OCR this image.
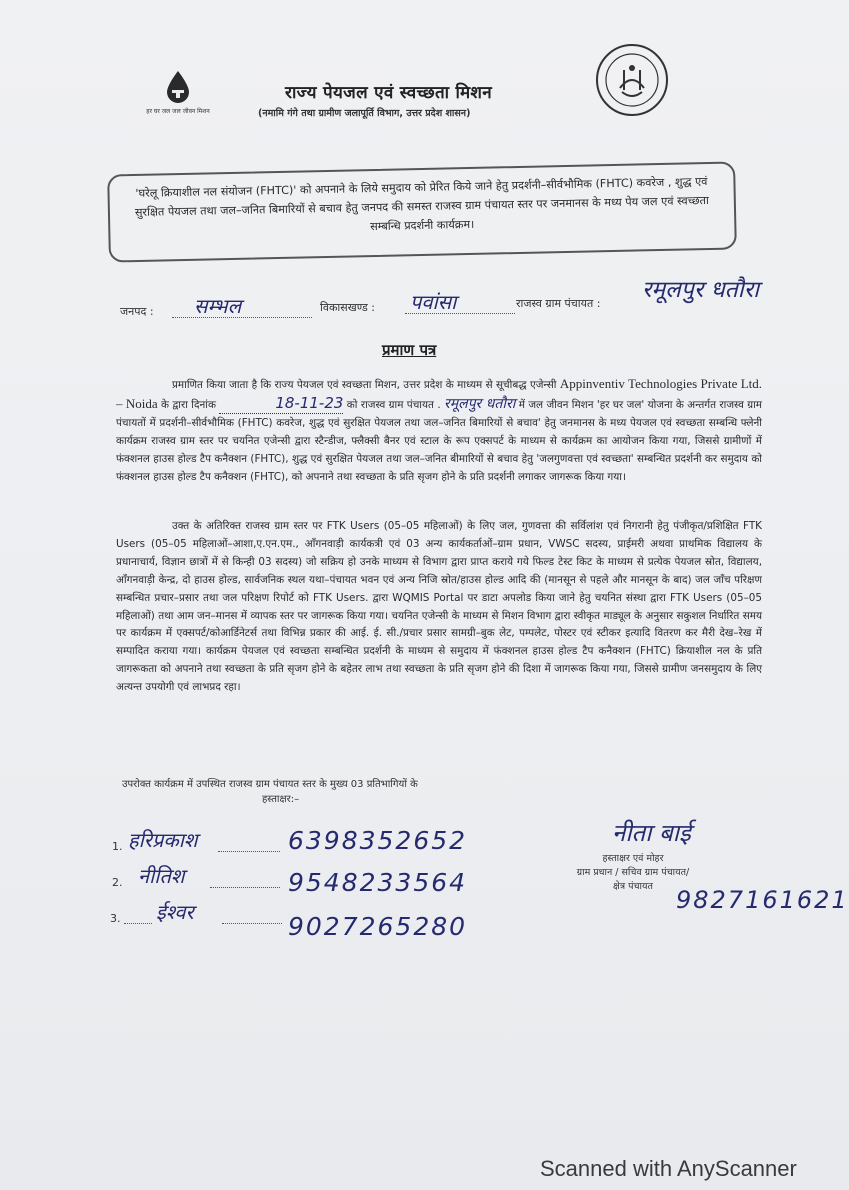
हर घर जल जल जीवन मिशन
राज्य पेयजल एवं स्वच्छता मिशन
(नमामि गंगे तथा ग्रामीण जलापूर्ति विभाग, उत्तर प्रदेश शासन)
'घरेलू क्रियाशील नल संयोजन (FHTC)' को अपनाने के लिये समुदाय को प्रेरित किये जाने हेतु प्रदर्शनी–सीर्वभौमिक (FHTC) कवरेज , शुद्ध एवं सुरक्षित पेयजल तथा जल–जनित बिमारियों से बचाव हेतु जनपद की समस्त राजस्व ग्राम पंचायत स्तर पर जनमानस के मध्य पेय जल एवं स्वच्छता सम्बन्धि प्रदर्शनी कार्यक्रम।
जनपद : सम्भल	विकासखण्ड : पवांसा	राजस्व ग्राम पंचायत :
रमूलपुर धतौरा
प्रमाण पत्र
प्रमाणित किया जाता है कि राज्य पेयजल एवं स्वच्छता मिशन, उत्तर प्रदेश के माध्यम से सूचीबद्ध एजेन्सी Appinventiv Technologies Private Ltd. – Noida के द्वारा दिनांक	18-11-23 को राजस्व ग्राम पंचायत . रमूलपुर धतौरा में जल जीवन मिशन 'हर घर जल' योजना के अन्तर्गत राजस्व ग्राम पंचायतों में प्रदर्शनी–सीर्वभौमिक (FHTC) कवरेज, शुद्ध एवं सुरक्षित पेयजल तथा जल–जनित बिमारियों से बचाव' हेतु जनमानस के मध्य पेयजल एवं स्वच्छता सम्बन्धि फ्लेनी कार्यक्रम राजस्व ग्राम स्तर पर चयनित एजेन्सी द्वारा स्टैन्डीज, फ्लैक्सी बैनर एवं स्टाल के रूप एक्सपर्ट के माध्यम से कार्यक्रम का आयोजन किया गया, जिससे ग्रामीणों में फंक्शनल हाउस होल्ड टैप कनैक्शन (FHTC), शुद्ध एवं सुरक्षित पेयजल तथा जल–जनित बीमारियों से बचाव हेतु 'जलगुणवत्ता एवं स्वच्छता' सम्बन्धित प्रदर्शनी कर समुदाय को फंक्शनल हाउस होल्ड टैप कनैक्शन (FHTC), को अपनाने तथा स्वच्छता के प्रति सृजग होने के प्रति प्रदर्शनी लगाकर जागरूक किया गया।
उक्त के अतिरिक्त राजस्व ग्राम स्तर पर FTK Users (05–05 महिलाओं) के लिए जल, गुणवत्ता की सर्विलांश एवं निगरानी हेतु पंजीकृत/प्रशिक्षित FTK Users (05–05 महिलाओं–आशा,ए.एन.एम., आँगनवाड़ी कार्यकत्री एवं 03 अन्य कार्यकर्ताओं–ग्राम प्रधान, VWSC सदस्य, प्राईमरी अथवा प्राथमिक विद्यालय के प्रधानाचार्य, विज्ञान छात्रों में से किन्ही 03 सदस्य) जो सक्रिय हो उनके माध्यम से विभाग द्वारा प्राप्त कराये गये फिल्ड टेस्ट किट के माध्यम से प्रत्येक पेयजल स्रोत, विद्यालय, आँगनवाड़ी केन्द्र, दो हाउस होल्ड, सार्वजनिक स्थल यथा–पंचायत भवन एवं अन्य निजि स्रोत/हाउस होल्ड आदि की (मानसून से पहले और मानसून के बाद) जल जाँच परिक्षण सम्बन्धित प्रचार–प्रसार तथा जल परिक्षण रिपोर्ट को FTK Users. द्वारा WQMIS Portal पर डाटा अपलोड किया जाने हेतु चयनित संस्था द्वारा FTK Users (05–05 महिलाओं) तथा आम जन–मानस में व्यापक स्तर पर जागरूक किया गया। चयनित एजेन्सी के माध्यम से मिशन विभाग द्वारा स्वीकृत माड्यूल के अनुसार सकुशल निर्धारित समय पर कार्यक्रम में एक्सपर्ट/कोआर्डिनेटर्स तथा विभिन्न प्रकार की आई. ई. सी./प्रचार प्रसार सामग्री–बुक लेट, पम्पलेट, पोस्टर एवं स्टीकर इत्यादि वितरण कर मैरी देख–रेख में सम्पादित कराया गया। कार्यक्रम पेयजल एवं स्वच्छता सम्बन्धित प्रदर्शनी के माध्यम से समुदाय में फंक्शनल हाउस होल्ड टैप कनैक्शन (FHTC) क्रियाशील नल के प्रति जागरूकता को अपनाने तथा स्वच्छता के प्रति सृजग होने के बहेतर लाभ तथा स्वच्छता के प्रति सृजग होने की दिशा में जागरूक किया गया, जिससे ग्रामीण जनसमुदाय के लिए अत्यन्त उपयोगी एवं लाभप्रद रहा।
उपरोक्त कार्यक्रम में उपस्थित राजस्व ग्राम पंचायत स्तर के मुख्य 03 प्रतिभागियों के
हस्ताक्षर:–
1. हरिप्रकाश	6398352652
2. नीतिश	9548233564
3. ईश्वर	9027265280
नीता बाई
हस्ताक्षर एवं मोहर
ग्राम प्रधान / सचिव ग्राम पंचायत/
क्षेत्र पंचायत 9827161621
Scanned with AnyScanner
